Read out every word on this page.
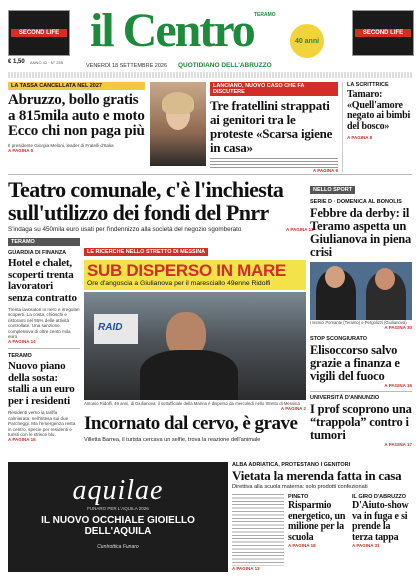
SECOND LIFE	SECOND LIFE
TERAMO
il Centro	40 anni
QUOTIDIANO DELL'ABRUZZO
VENERDÌ 18 SETTEMBRE 2026
€ 1,50 ANNO 41 · N° 255
LA TASSA CANCELLATA NEL 2027
Abruzzo, bollo gratis a 815mila auto e moto Ecco chi non paga più
Il presidente Giorgia Meloni, leader di Fratelli d'Italia
A PAGINA 5
LANCIANO, NUOVO CASO CHE FA DISCUTERE
Tre fratellini strappati ai genitori tra le proteste «Scarsa igiene in casa»
A PAGINA 9
LA SCRITTRICE
Tamaro: «Quell'amore negato ai bimbi del bosco»
A PAGINA 8
Teatro comunale, c'è l'inchiesta sull'utilizzo dei fondi del Pnrr
S'indaga su 450mila euro usati per l'indennizzo alla società del negozio sgomberato	A PAGINA 13
TERAMO
GUARDIA DI FINANZA
Hotel e chalet, scoperti trenta lavoratori senza contratto
Trenta lavoratori in nero e irregolari scoperti. La costa, chioschi e ristoranti nel 55% delle attività controllate. Una sanzione complessiva di oltre cento mila euro.
A PAGINA 14
TERAMO
Nuovo piano della sosta: stalli a un euro per i residenti
Residenti verso la tariffa calmierata: nell'intesa sui due Parcheggi. Ma l'emergenza resta in centro, specie per residenti e turisti con le strisce blu.
A PAGINA 15
LE RICERCHE NELLO STRETTO DI MESSINA
SUB DISPERSO IN MARE
Ore d'angoscia a Giulianova per il maresciallo 49enne Ridolfi
RAID
Antonio Ridolfi, 49 anni, di Giulianova: il sottufficiale della Marina è disperso da mercoledì nello Stretto di Messina
A PAGINA 2
Incornato dal cervo, è grave
Villetta Barrea, il turista cercava un selfie, trova la reazione dell'animale
NELLO SPORT
SERIE D · DOMENICA AL BONOLIS
Febbre da derby: il Teramo aspetta un Giulianova in piena crisi
I tecnici Pomante (Teramo) e Pergolizzi (Giulianova)
A PAGINA 30
STOP SCONGIURATO
Elisoccorso salvo grazie a finanza e vigili del fuoco
A PAGINA 16
UNIVERSITÀ D'ANNUNZIO
I prof scoprono una “trappola” contro i tumori
A PAGINA 17
aquilae
FUNARO PER L'AQUILA 2026
IL NUOVO OCCHIALE GIOIELLO DELL'AQUILA
Centrottica Funaro
ALBA ADRIATICA, PROTESTANO I GENITORI
Vietata la merenda fatta in casa
Direttiva alla scuola materna: solo prodotti confezionati
PINETO
Risparmio energetico, un milione per la scuola
A PAGINA 18
IL GIRO D'ABRUZZO
D'Aiuto-show va in fuga e si prende la terza tappa
A PAGINA 31
A PAGINA 13
